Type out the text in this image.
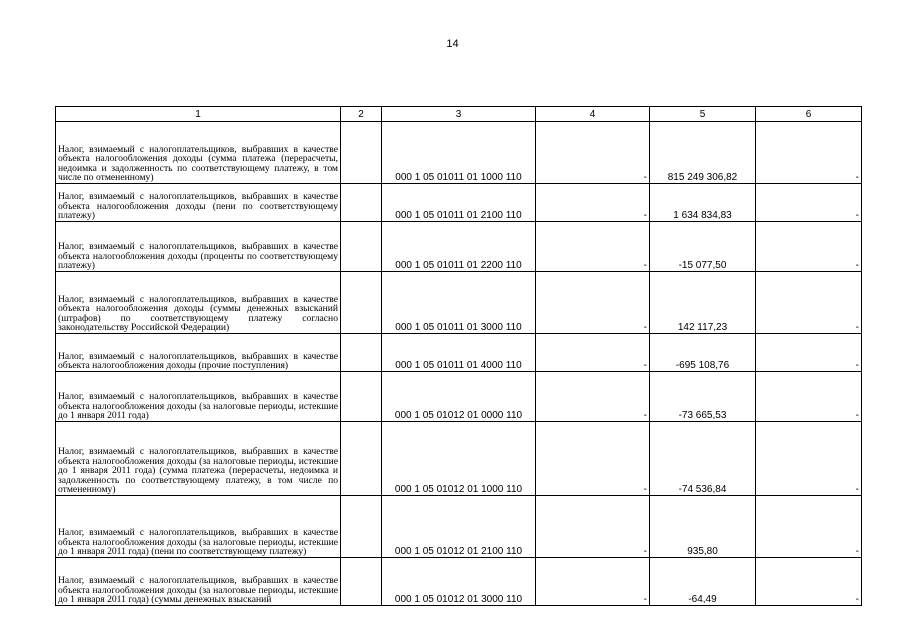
14
1	2	3	4	5	6
Налог, взимаемый с налогоплательщиков, выбравших в качестве объекта налогообложения доходы (сумма платежа (перерасчеты, недоимка и задолженность по соответствующему платежу, в том числе по отмененному)		000 1 05 01011 01 1000 110	-	815 249 306,82	-
Налог, взимаемый с налогоплательщиков, выбравших в качестве объекта налогообложения доходы (пени по соответствующему платежу)		000 1 05 01011 01 2100 110	-	1 634 834,83	-
Налог, взимаемый с налогоплательщиков, выбравших в качестве объекта налогообложения доходы (проценты по соответствующему платежу)		000 1 05 01011 01 2200 110	-	-15 077,50	-
Налог, взимаемый с налогоплательщиков, выбравших в качестве объекта налогообложения доходы (суммы денежных взысканий (штрафов) по соответствующему платежу согласно законодательству Российской Федерации)		000 1 05 01011 01 3000 110	-	142 117,23	-
Налог, взимаемый с налогоплательщиков, выбравших в качестве объекта налогообложения доходы (прочие поступления)		000 1 05 01011 01 4000 110	-	-695 108,76	-
Налог, взимаемый с налогоплательщиков, выбравших в качестве объекта налогообложения доходы (за налоговые периоды, истекшие до 1 января 2011 года)		000 1 05 01012 01 0000 110	-	-73 665,53	-
Налог, взимаемый с налогоплательщиков, выбравших в качестве объекта налогообложения доходы (за налоговые периоды, истекшие до 1 января 2011 года) (сумма платежа (перерасчеты, недоимка и задолженность по соответствующему платежу, в том числе по отмененному)		000 1 05 01012 01 1000 110	-	-74 536,84	-
Налог, взимаемый с налогоплательщиков, выбравших в качестве объекта налогообложения доходы (за налоговые периоды, истекшие до 1 января 2011 года) (пени по соответствующему платежу)		000 1 05 01012 01 2100 110	-	935,80	-
Налог, взимаемый с налогоплательщиков, выбравших в качестве объекта налогообложения доходы (за налоговые периоды, истекшие до 1 января 2011 года) (суммы денежных взысканий		000 1 05 01012 01 3000 110	-	-64,49	-
